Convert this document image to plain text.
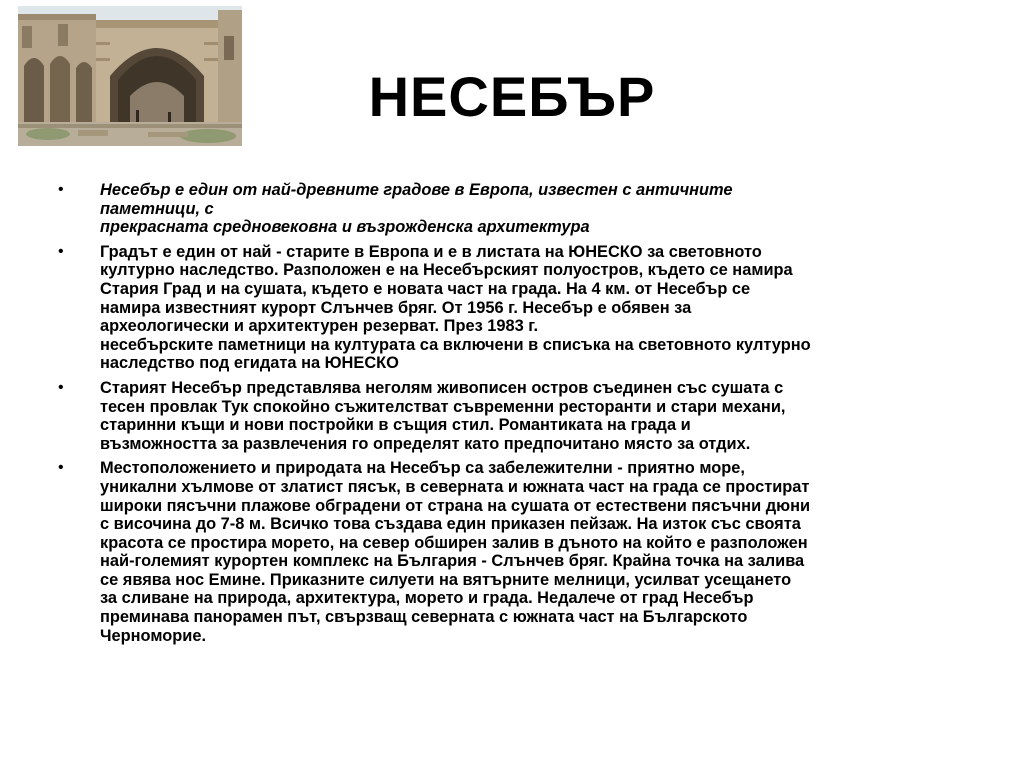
НЕСЕБЪР
• Несебър е един от най-древните градове в Европа, известен с античните
паметници, с
прекрасната средновековна и възрожденска архитектура
• Градът е един от най - старите в Европа и е в листата на ЮНЕСКО за световното
културно наследство. Разположен е на Несебърският полуостров, където се намира
Стария Град и на сушата, където е новата част на града. На 4 км. от Несебър се
намира известният курорт Слънчев бряг. От 1956 г. Несебър е обявен за
археологически и архитектурен резерват. През 1983 г.
несебърските паметници на културата са включени в списъка на световното културно
наследство под егидата на ЮНЕСКО
• Старият Несебър представлява неголям живописен остров съединен със сушата с
тесен провлак Тук спокойно съжителстват съвременни ресторанти и стари механи,
старинни къщи и нови постройки в същия стил. Романтиката на града и
възможността за развлечения го определят като предпочитано място за отдих.
• Местоположението и природата на Несебър са забележителни - приятно море,
уникални хълмове от златист пясък, в северната и южната част на града се простират
широки пясъчни плажове обградени от страна на сушата от естествени пясъчни дюни
с височина до 7-8 м. Всичко това създава един приказен пейзаж. На изток със своята
красота се простира морето, на север обширен залив в дъното на който е разположен
най-големият курортен комплекс на България - Слънчев бряг. Крайна точка на залива
се явява нос Емине. Приказните силуети на вятърните мелници, усилват усещането
за сливане на природа, архитектура, морето и града. Недалече от град Несебър
преминава панорамен път, свързващ северната с южната част на Българското
Черноморие.
